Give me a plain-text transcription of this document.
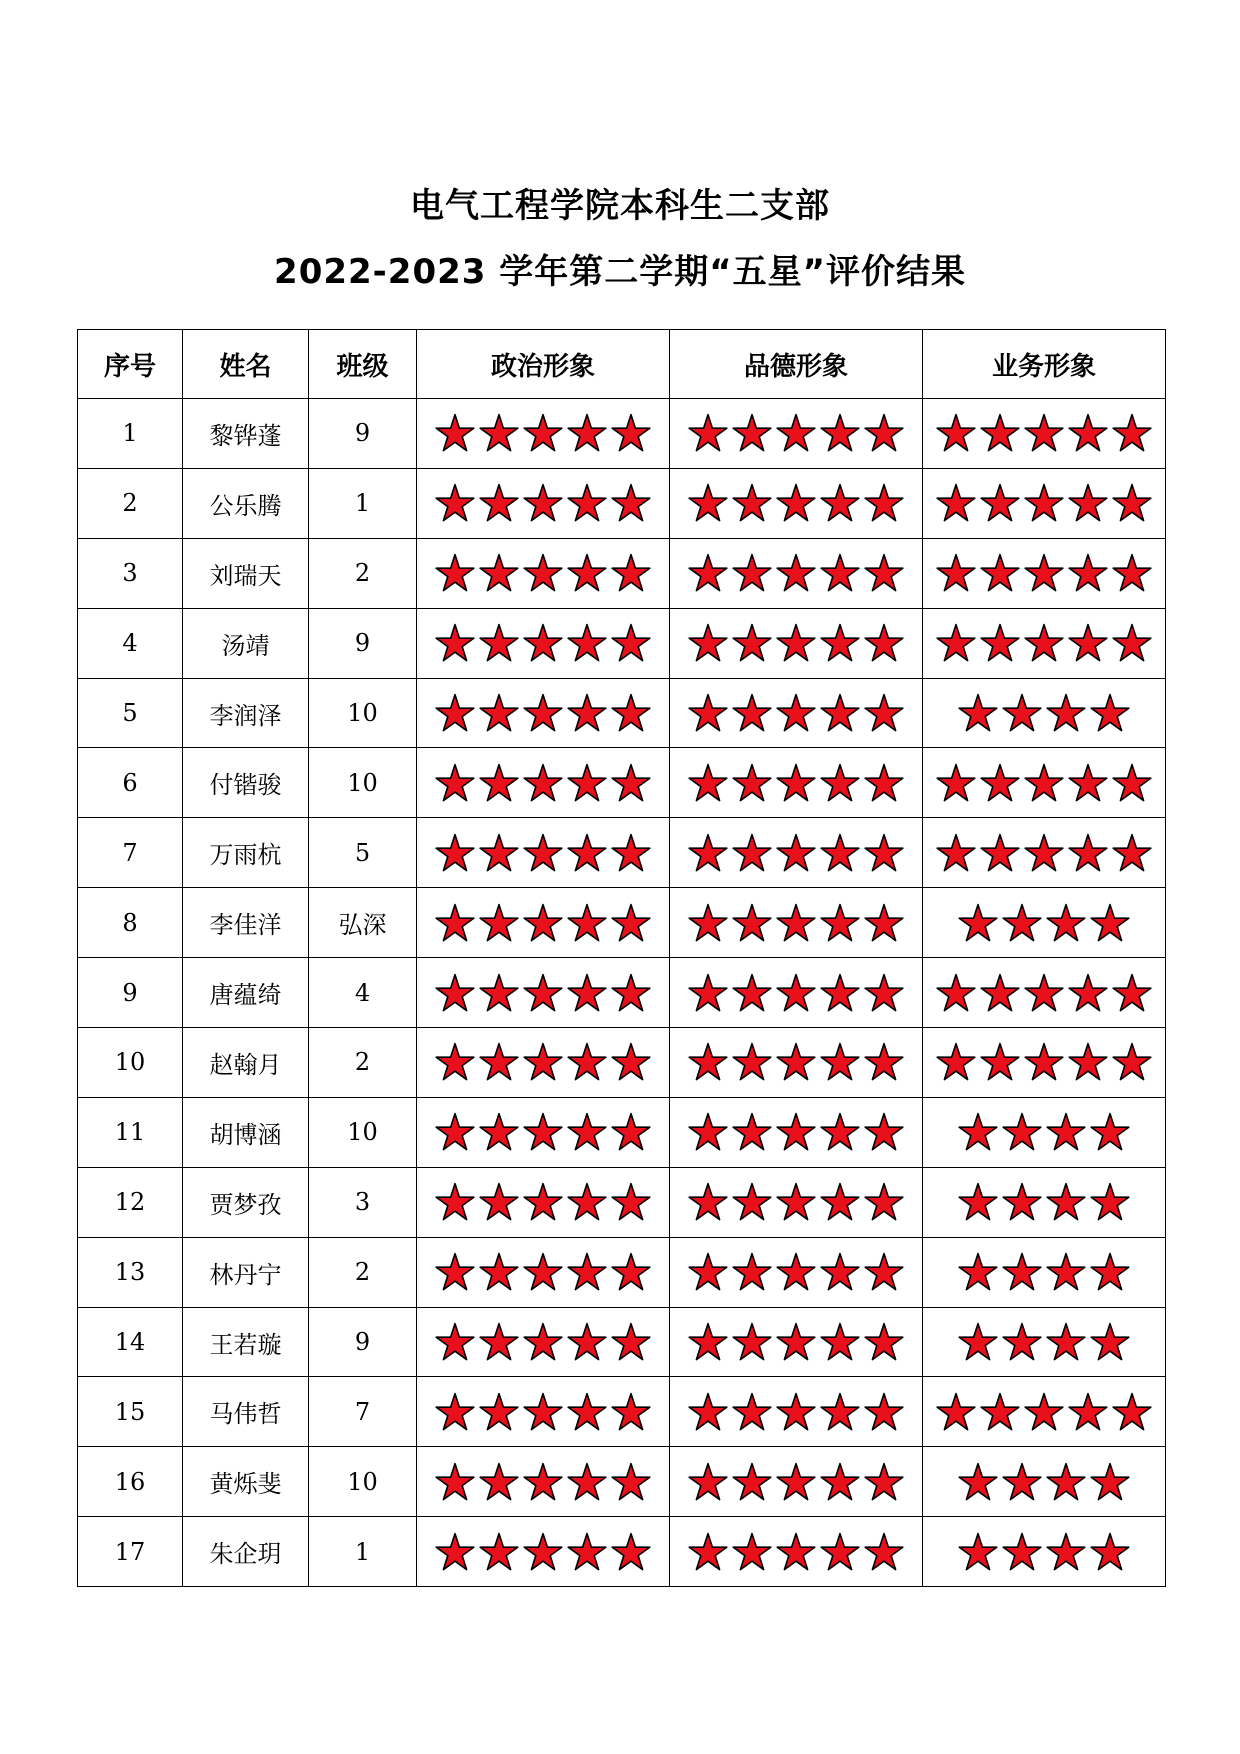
电气工程学院本科生二支部
2022-2023 学年第二学期“五星”评价结果
序号	姓名	班级	政治形象	品德形象	业务形象
1	黎铧蓬	9	

2	公乐腾	1	

3	刘瑞天	2	

4	汤靖	9	

5	李润泽	10	

6	付锴骏	10	

7	万雨杭	5	

8	李佳洋	弘深	

9	唐蕴绮	4	

10	赵翰月	2	

11	胡博涵	10	

12	贾梦孜	3	

13	林丹宁	2	

14	王若璇	9	

15	马伟哲	7	

16	黄烁斐	10	

17	朱企玥	1	
